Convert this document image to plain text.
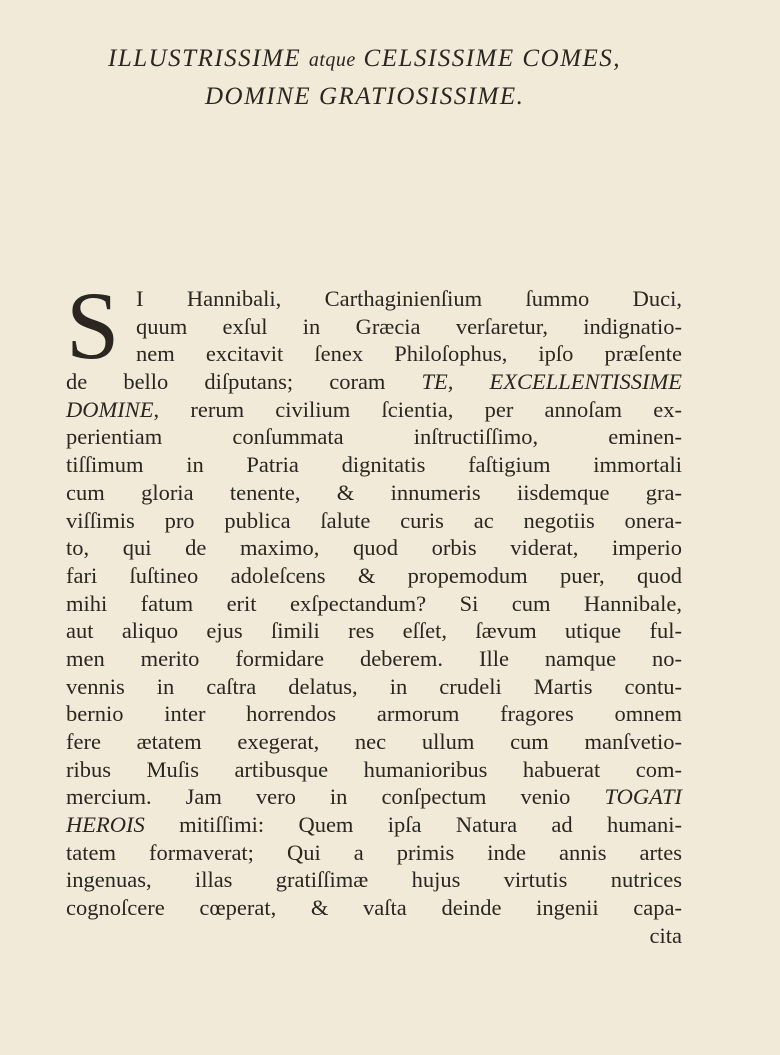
ILLUSTRISSIME atque CELSISSIME COMES,
DOMINE GRATIOSISSIME.
S I Hannibali, Carthaginienſium ſummo Duci,
quum exſul in Græcia verſaretur, indignatio-
nem excitavit ſenex Philoſophus, ipſo præſente
de bello diſputans; coram TE, EXCELLENTISSIME
DOMINE, rerum civilium ſcientia, per annoſam ex-
perientiam conſummata inſtructiſſimo, eminen-
tiſſimum in Patria dignitatis faſtigium immortali
cum gloria tenente, & innumeris iisdemque gra-
viſſimis pro publica ſalute curis ac negotiis onera-
to, qui de maximo, quod orbis viderat, imperio
fari ſuſtineo adoleſcens & propemodum puer, quod
mihi fatum erit exſpectandum? Si cum Hannibale,
aut aliquo ejus ſimili res eſſet, ſævum utique ful-
men merito formidare deberem. Ille namque no-
vennis in caſtra delatus, in crudeli Martis contu-
bernio inter horrendos armorum fragores omnem
fere ætatem exegerat, nec ullum cum manſvetio-
ribus Muſis artibusque humanioribus habuerat com-
mercium. Jam vero in conſpectum venio TOGATI
HEROIS mitiſſimi: Quem ipſa Natura ad humani-
tatem formaverat; Qui a primis inde annis artes
ingenuas, illas gratiſſimæ hujus virtutis nutrices
cognoſcere cœperat, & vaſta deinde ingenii capa-
cita
